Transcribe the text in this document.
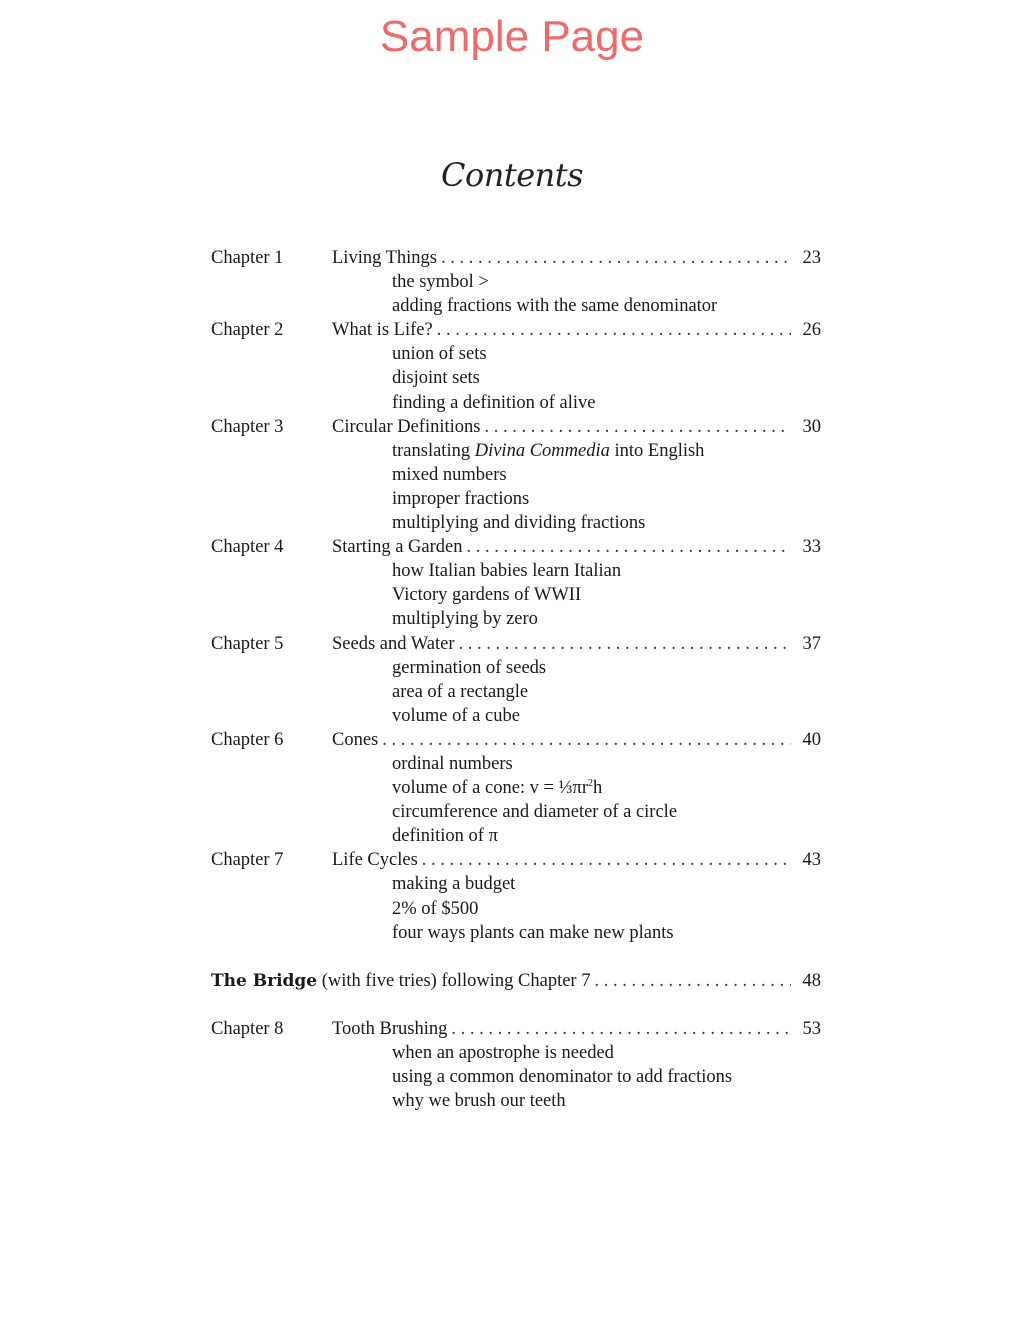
Sample Page
Contents
Chapter 1	Living Things . . .	23
the symbol >
adding fractions with the same denominator
Chapter 2	What is Life? . . .	26
union of sets
disjoint sets
finding a definition of alive
Chapter 3	Circular Definitions . . .	30
translating Divina Commedia into English
mixed numbers
improper fractions
multiplying and dividing fractions
Chapter 4	Starting a Garden . . .	33
how Italian babies learn Italian
Victory gardens of WWII
multiplying by zero
Chapter 5	Seeds and Water . . .	37
germination of seeds
area of a rectangle
volume of a cube
Chapter 6	Cones . . .	40
ordinal numbers
volume of a cone: $v = \frac{1}{3}\pi r^2h$
circumference and diameter of a circle
definition of π
Chapter 7	Life Cycles . . .	43
making a budget
2% of $500
four ways plants can make new plants
The Bridge (with five tries) following Chapter 7 . . .	48
Chapter 8	Tooth Brushing . . .	53
when an apostrophe is needed
using a common denominator to add fractions
why we brush our teeth
